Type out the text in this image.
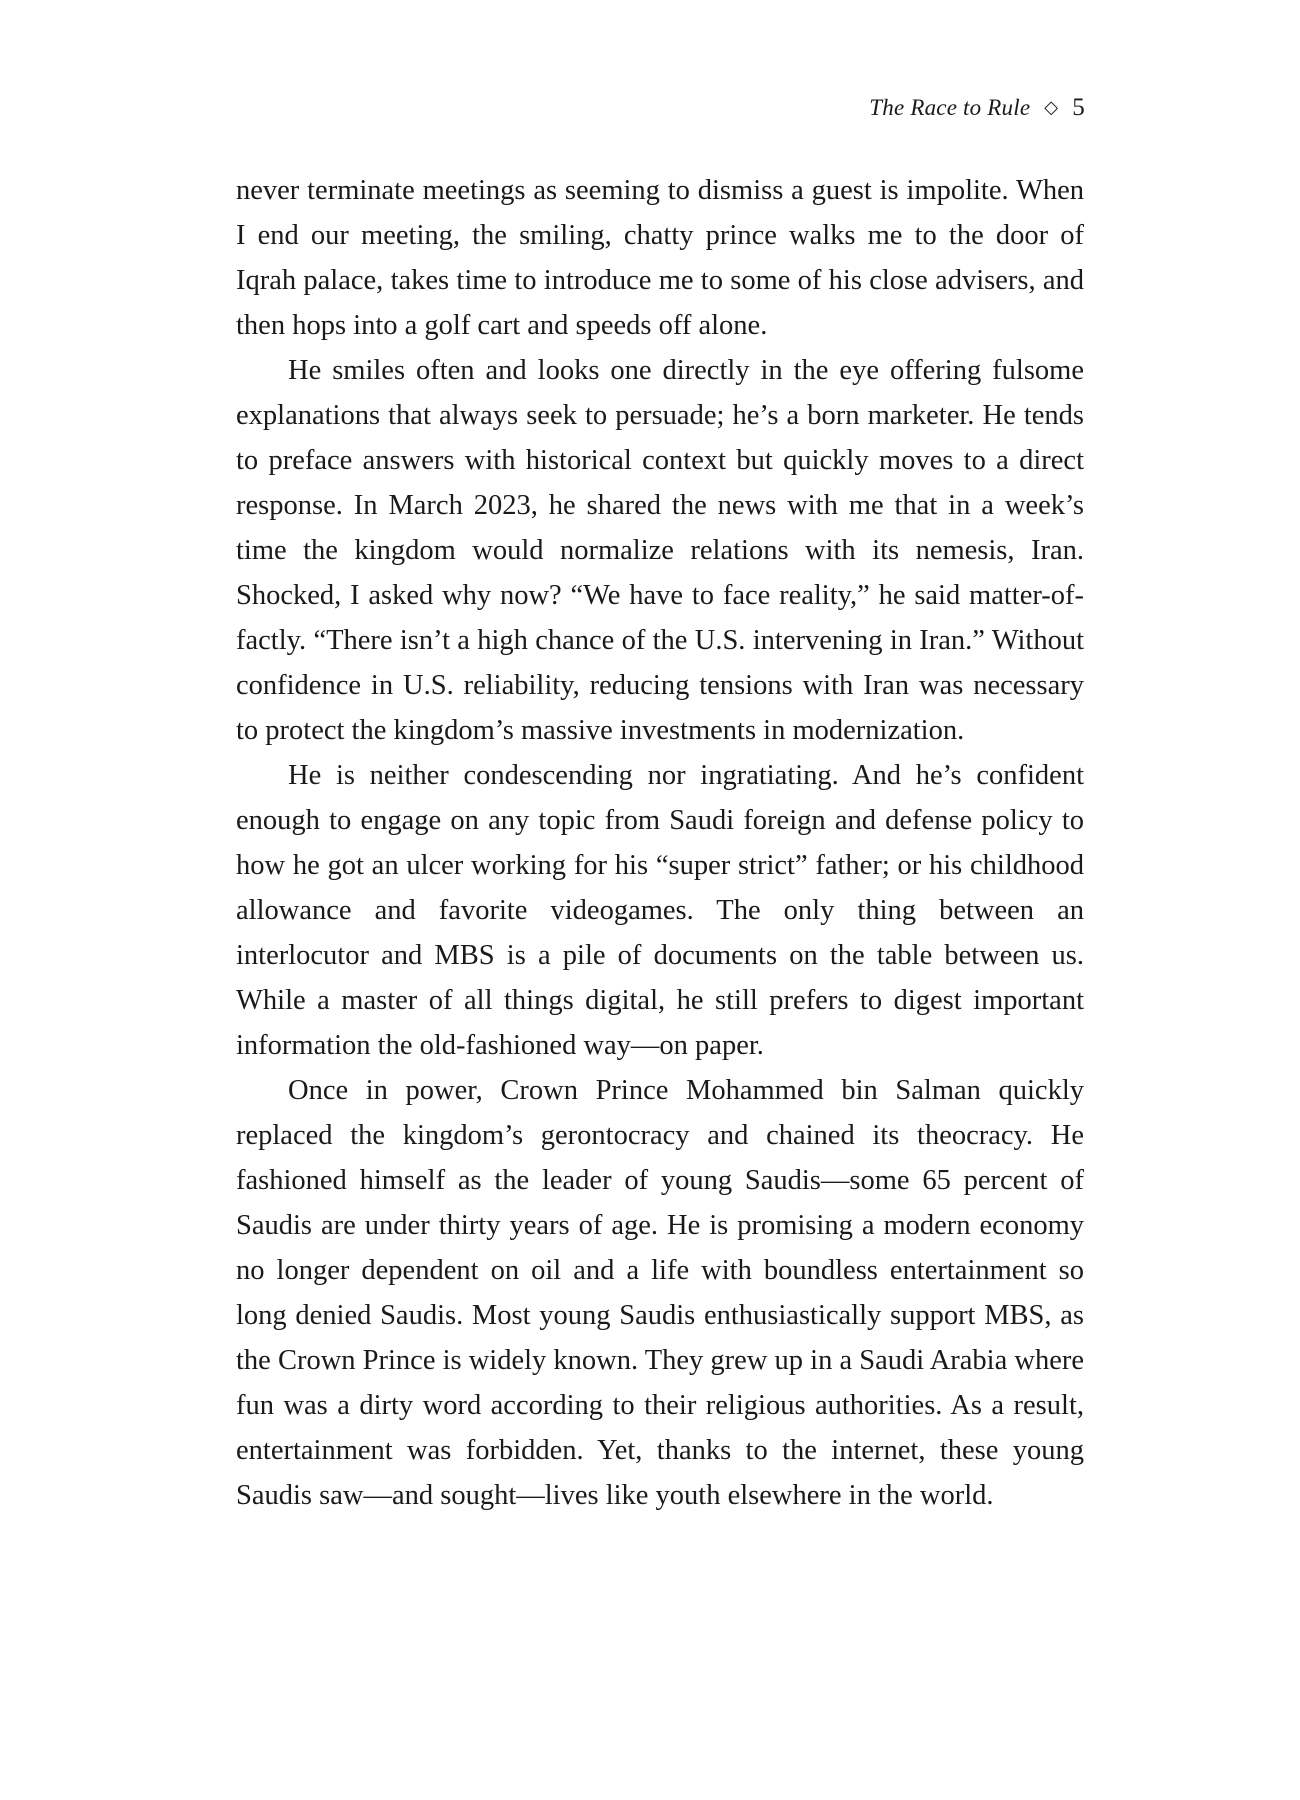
The Race to Rule ◇ 5

never terminate meetings as seeming to dismiss a guest is impolite. When I end our meeting, the smiling, chatty prince walks me to the door of Iqrah palace, takes time to introduce me to some of his close advisers, and then hops into a golf cart and speeds off alone.

He smiles often and looks one directly in the eye offering fulsome explanations that always seek to persuade; he’s a born marketer. He tends to preface answers with historical context but quickly moves to a direct response. In March 2023, he shared the news with me that in a week’s time the kingdom would normalize relations with its nemesis, Iran. Shocked, I asked why now? “We have to face reality,” he said matter-of-factly. “There isn’t a high chance of the U.S. intervening in Iran.” Without confidence in U.S. reliability, reducing tensions with Iran was necessary to protect the kingdom’s massive investments in modernization.

He is neither condescending nor ingratiating. And he’s confident enough to engage on any topic from Saudi foreign and defense policy to how he got an ulcer working for his “super strict” father; or his childhood allowance and favorite videogames. The only thing between an interlocutor and MBS is a pile of documents on the table between us. While a master of all things digital, he still prefers to digest important information the old-fashioned way—on paper.

Once in power, Crown Prince Mohammed bin Salman quickly replaced the kingdom’s gerontocracy and chained its theocracy. He fashioned himself as the leader of young Saudis—some 65 percent of Saudis are under thirty years of age. He is promising a modern economy no longer dependent on oil and a life with boundless entertainment so long denied Saudis. Most young Saudis enthusiastically support MBS, as the Crown Prince is widely known. They grew up in a Saudi Arabia where fun was a dirty word according to their religious authorities. As a result, entertainment was forbidden. Yet, thanks to the internet, these young Saudis saw—and sought—lives like youth elsewhere in the world.
